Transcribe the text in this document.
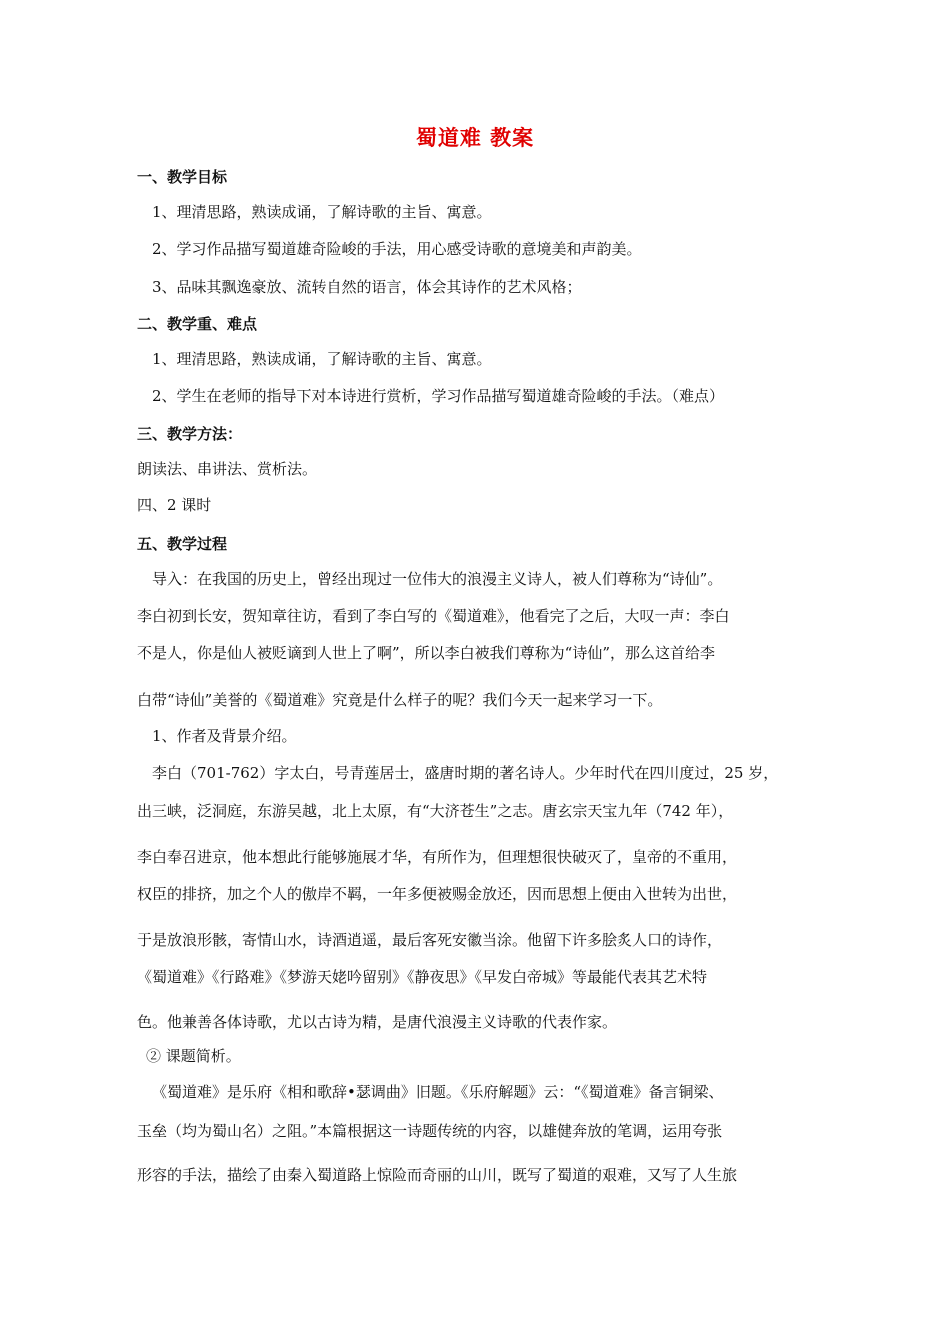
蜀道难 教案
一、教学目标
1、理清思路，熟读成诵，了解诗歌的主旨、寓意。
2、学习作品描写蜀道雄奇险峻的手法，用心感受诗歌的意境美和声韵美。
3、品味其飘逸豪放、流转自然的语言，体会其诗作的艺术风格；
二、教学重、难点
1、理清思路，熟读成诵，了解诗歌的主旨、寓意。
2、学生在老师的指导下对本诗进行赏析，学习作品描写蜀道雄奇险峻的手法。（难点）
三、教学方法：
朗读法、串讲法、赏析法。
四、2 课时
五、教学过程
导入：在我国的历史上，曾经出现过一位伟大的浪漫主义诗人，被人们尊称为“诗仙”。
李白初到长安，贺知章往访，看到了李白写的《蜀道难》，他看完了之后，大叹一声：李白
不是人，你是仙人被贬谪到人世上了啊”，所以李白被我们尊称为“诗仙”，那么这首给李
白带“诗仙”美誉的《蜀道难》究竟是什么样子的呢？我们今天一起来学习一下。
1、作者及背景介绍。
李白（701-762）字太白，号青莲居士，盛唐时期的著名诗人。少年时代在四川度过，25 岁，
出三峡，泛洞庭，东游吴越，北上太原，有“大济苍生”之志。唐玄宗天宝九年（742 年），
李白奉召进京，他本想此行能够施展才华，有所作为，但理想很快破灭了，皇帝的不重用，
权臣的排挤，加之个人的傲岸不羁，一年多便被赐金放还，因而思想上便由入世转为出世，
于是放浪形骸，寄情山水，诗酒逍遥，最后客死安徽当涂。他留下许多脍炙人口的诗作，
《蜀道难》《行路难》《梦游天姥吟留别》《静夜思》《早发白帝城》等最能代表其艺术特
色。他兼善各体诗歌，尤以古诗为精，是唐代浪漫主义诗歌的代表作家。
② 课题简析。
《蜀道难》是乐府《相和歌辞•瑟调曲》旧题。《乐府解题》云：“《蜀道难》备言铜梁、
玉垒（均为蜀山名）之阻。”本篇根据这一诗题传统的内容，以雄健奔放的笔调，运用夸张
形容的手法，描绘了由秦入蜀道路上惊险而奇丽的山川，既写了蜀道的艰难，又写了人生旅
